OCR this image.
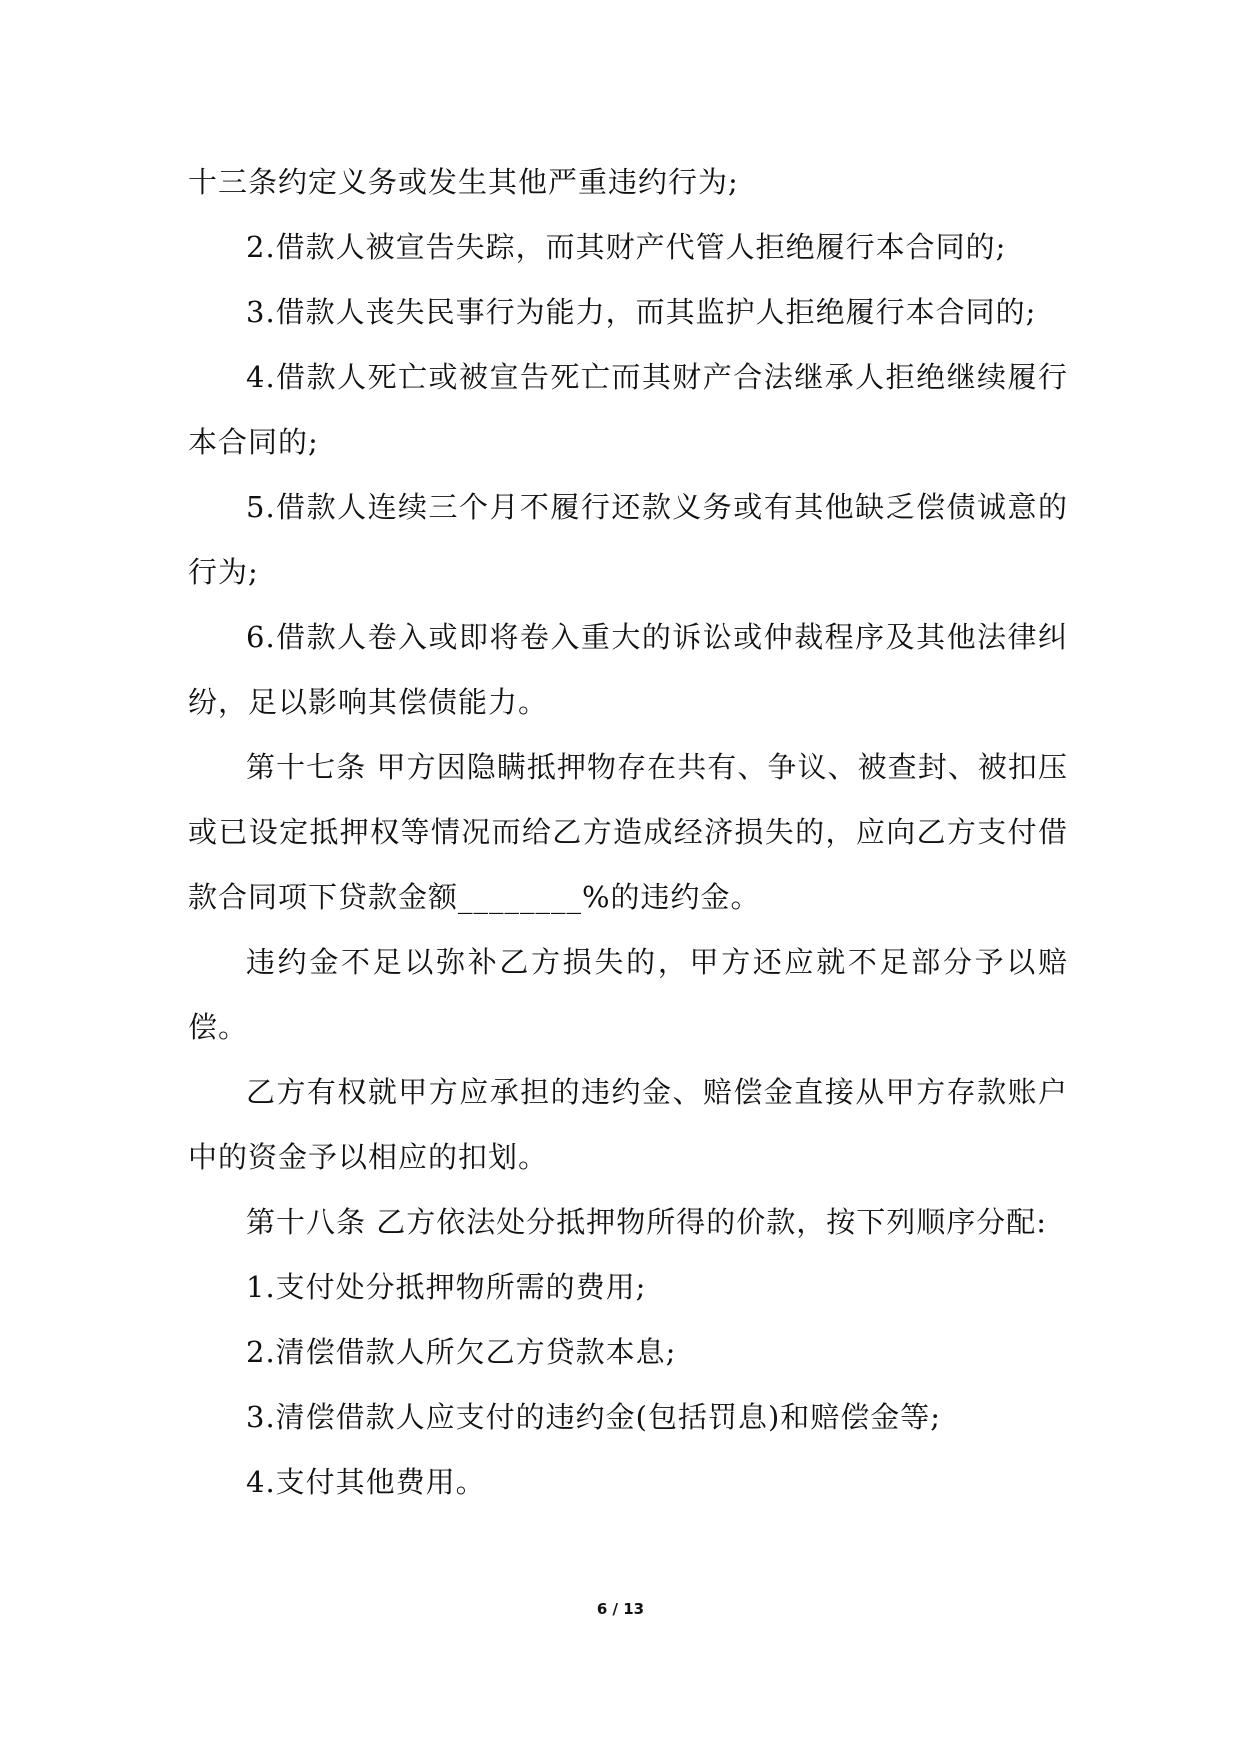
十三条约定义务或发生其他严重违约行为;

2.借款人被宣告失踪，而其财产代管人拒绝履行本合同的;

3.借款人丧失民事行为能力，而其监护人拒绝履行本合同的;

4.借款人死亡或被宣告死亡而其财产合法继承人拒绝继续履行本合同的;

5.借款人连续三个月不履行还款义务或有其他缺乏偿债诚意的行为;

6.借款人卷入或即将卷入重大的诉讼或仲裁程序及其他法律纠纷，足以影响其偿债能力。

第十七条 甲方因隐瞒抵押物存在共有、争议、被查封、被扣压或已设定抵押权等情况而给乙方造成经济损失的，应向乙方支付借款合同项下贷款金额________%的违约金。

违约金不足以弥补乙方损失的，甲方还应就不足部分予以赔偿。

乙方有权就甲方应承担的违约金、赔偿金直接从甲方存款账户中的资金予以相应的扣划。

第十八条 乙方依法处分抵押物所得的价款，按下列顺序分配:

1.支付处分抵押物所需的费用;

2.清偿借款人所欠乙方贷款本息;

3.清偿借款人应支付的违约金(包括罚息)和赔偿金等;

4.支付其他费用。

6 / 13
